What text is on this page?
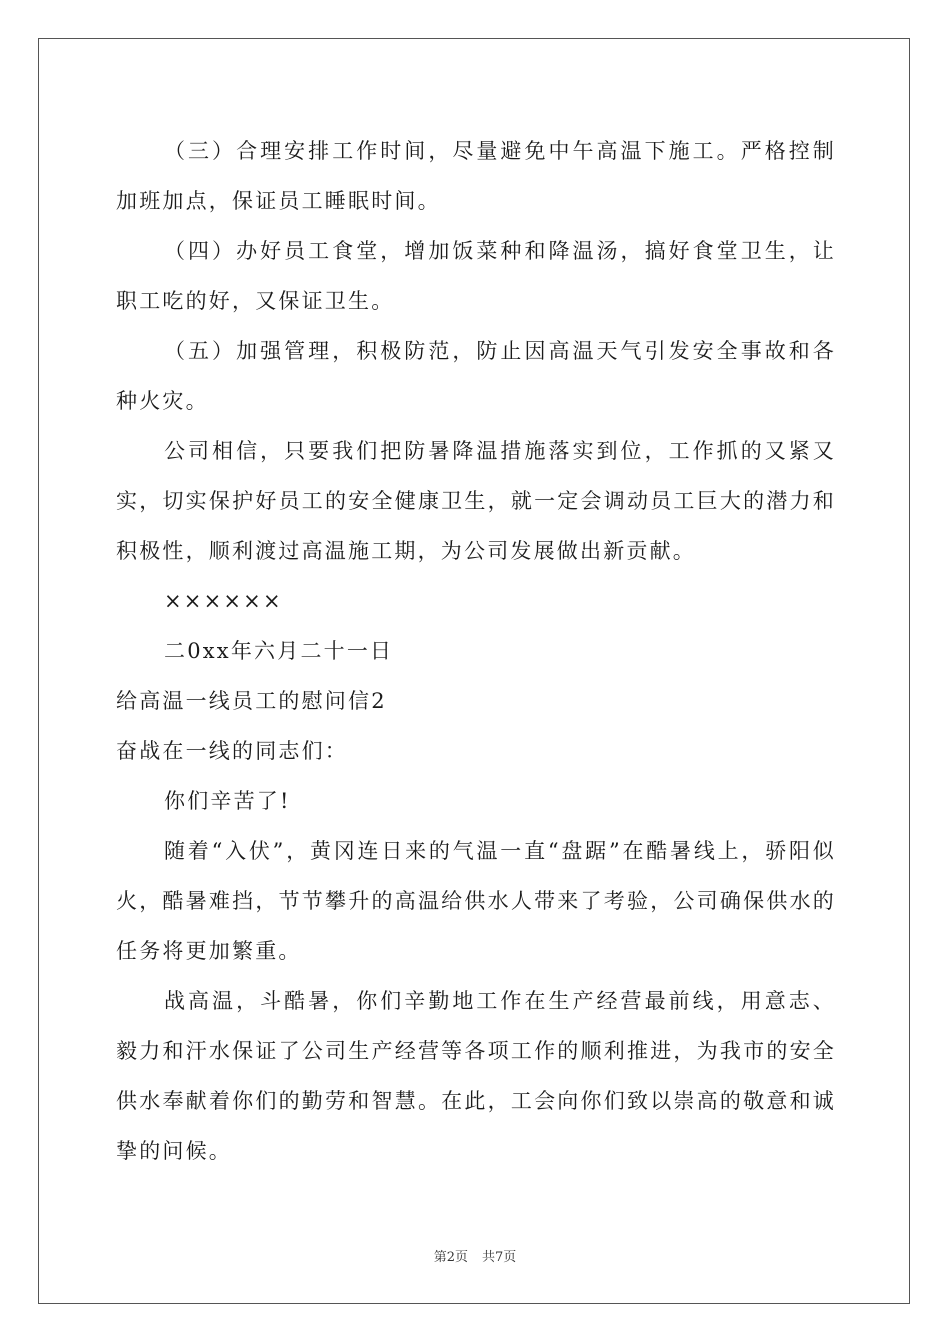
（三）合理安排工作时间，尽量避免中午高温下施工。严格控制加班加点，保证员工睡眠时间。

（四）办好员工食堂，增加饭菜种和降温汤，搞好食堂卫生，让职工吃的好，又保证卫生。

（五）加强管理，积极防范，防止因高温天气引发安全事故和各种火灾。

公司相信，只要我们把防暑降温措施落实到位，工作抓的又紧又实，切实保护好员工的安全健康卫生，就一定会调动员工巨大的潜力和积极性，顺利渡过高温施工期，为公司发展做出新贡献。

××××××

二0xx年六月二十一日

给高温一线员工的慰问信2

奋战在一线的同志们：

你们辛苦了!

随着“入伏”，黄冈连日来的气温一直“盘踞”在酷暑线上，骄阳似火，酷暑难挡，节节攀升的高温给供水人带来了考验，公司确保供水的任务将更加繁重。

战高温，斗酷暑，你们辛勤地工作在生产经营最前线，用意志、毅力和汗水保证了公司生产经营等各项工作的顺利推进，为我市的安全供水奉献着你们的勤劳和智慧。在此，工会向你们致以崇高的敬意和诚挚的问候。

第2页 共7页
